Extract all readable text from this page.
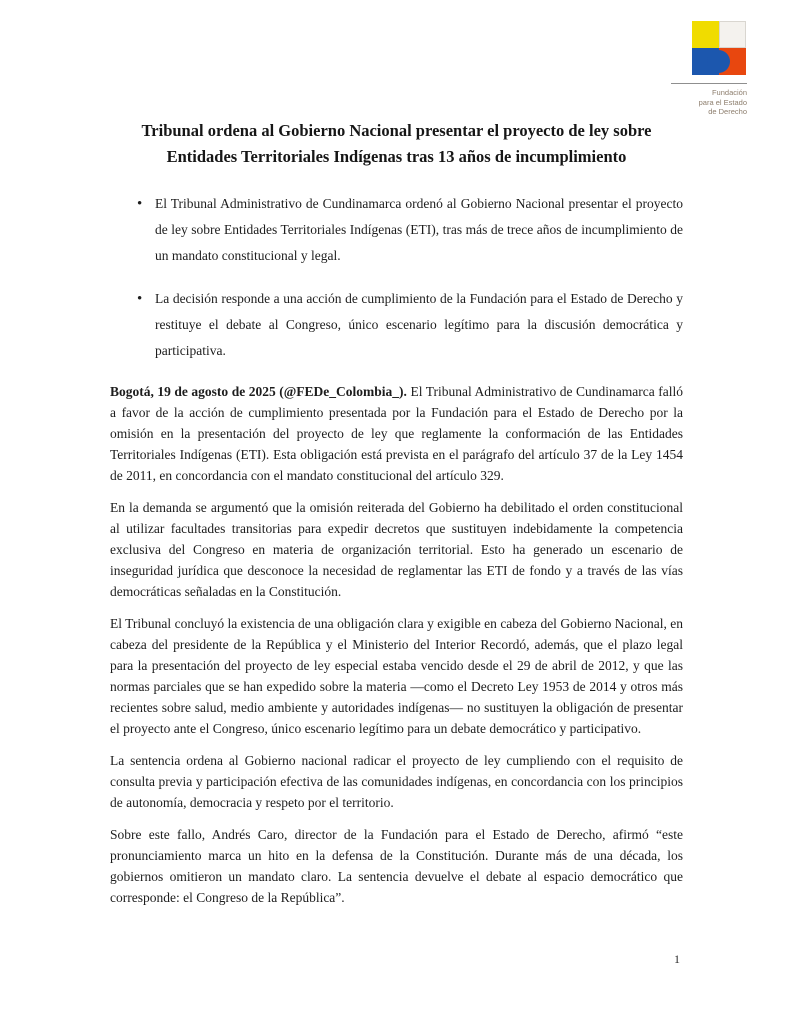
Fundación
para el Estado
de Derecho
Tribunal ordena al Gobierno Nacional presentar el proyecto de ley sobre Entidades Territoriales Indígenas tras 13 años de incumplimiento
• El Tribunal Administrativo de Cundinamarca ordenó al Gobierno Nacional presentar el proyecto de ley sobre Entidades Territoriales Indígenas (ETI), tras más de trece años de incumplimiento de un mandato constitucional y legal.
• La decisión responde a una acción de cumplimiento de la Fundación para el Estado de Derecho y restituye el debate al Congreso, único escenario legítimo para la discusión democrática y participativa.

Bogotá, 19 de agosto de 2025 (@FEDe_Colombia_). El Tribunal Administrativo de Cundinamarca falló a favor de la acción de cumplimiento presentada por la Fundación para el Estado de Derecho por la omisión en la presentación del proyecto de ley que reglamente la conformación de las Entidades Territoriales Indígenas (ETI). Esta obligación está prevista en el parágrafo del artículo 37 de la Ley 1454 de 2011, en concordancia con el mandato constitucional del artículo 329.

En la demanda se argumentó que la omisión reiterada del Gobierno ha debilitado el orden constitucional al utilizar facultades transitorias para expedir decretos que sustituyen indebidamente la competencia exclusiva del Congreso en materia de organización territorial. Esto ha generado un escenario de inseguridad jurídica que desconoce la necesidad de reglamentar las ETI de fondo y a través de las vías democráticas señaladas en la Constitución.

El Tribunal concluyó la existencia de una obligación clara y exigible en cabeza del Gobierno Nacional, en cabeza del presidente de la República y el Ministerio del Interior Recordó, además, que el plazo legal para la presentación del proyecto de ley especial estaba vencido desde el 29 de abril de 2012, y que las normas parciales que se han expedido sobre la materia —como el Decreto Ley 1953 de 2014 y otros más recientes sobre salud, medio ambiente y autoridades indígenas— no sustituyen la obligación de presentar el proyecto ante el Congreso, único escenario legítimo para un debate democrático y participativo.

La sentencia ordena al Gobierno nacional radicar el proyecto de ley cumpliendo con el requisito de consulta previa y participación efectiva de las comunidades indígenas, en concordancia con los principios de autonomía, democracia y respeto por el territorio.

Sobre este fallo, Andrés Caro, director de la Fundación para el Estado de Derecho, afirmó “este pronunciamiento marca un hito en la defensa de la Constitución. Durante más de una década, los gobiernos omitieron un mandato claro. La sentencia devuelve el debate al espacio democrático que corresponde: el Congreso de la República”.

1
